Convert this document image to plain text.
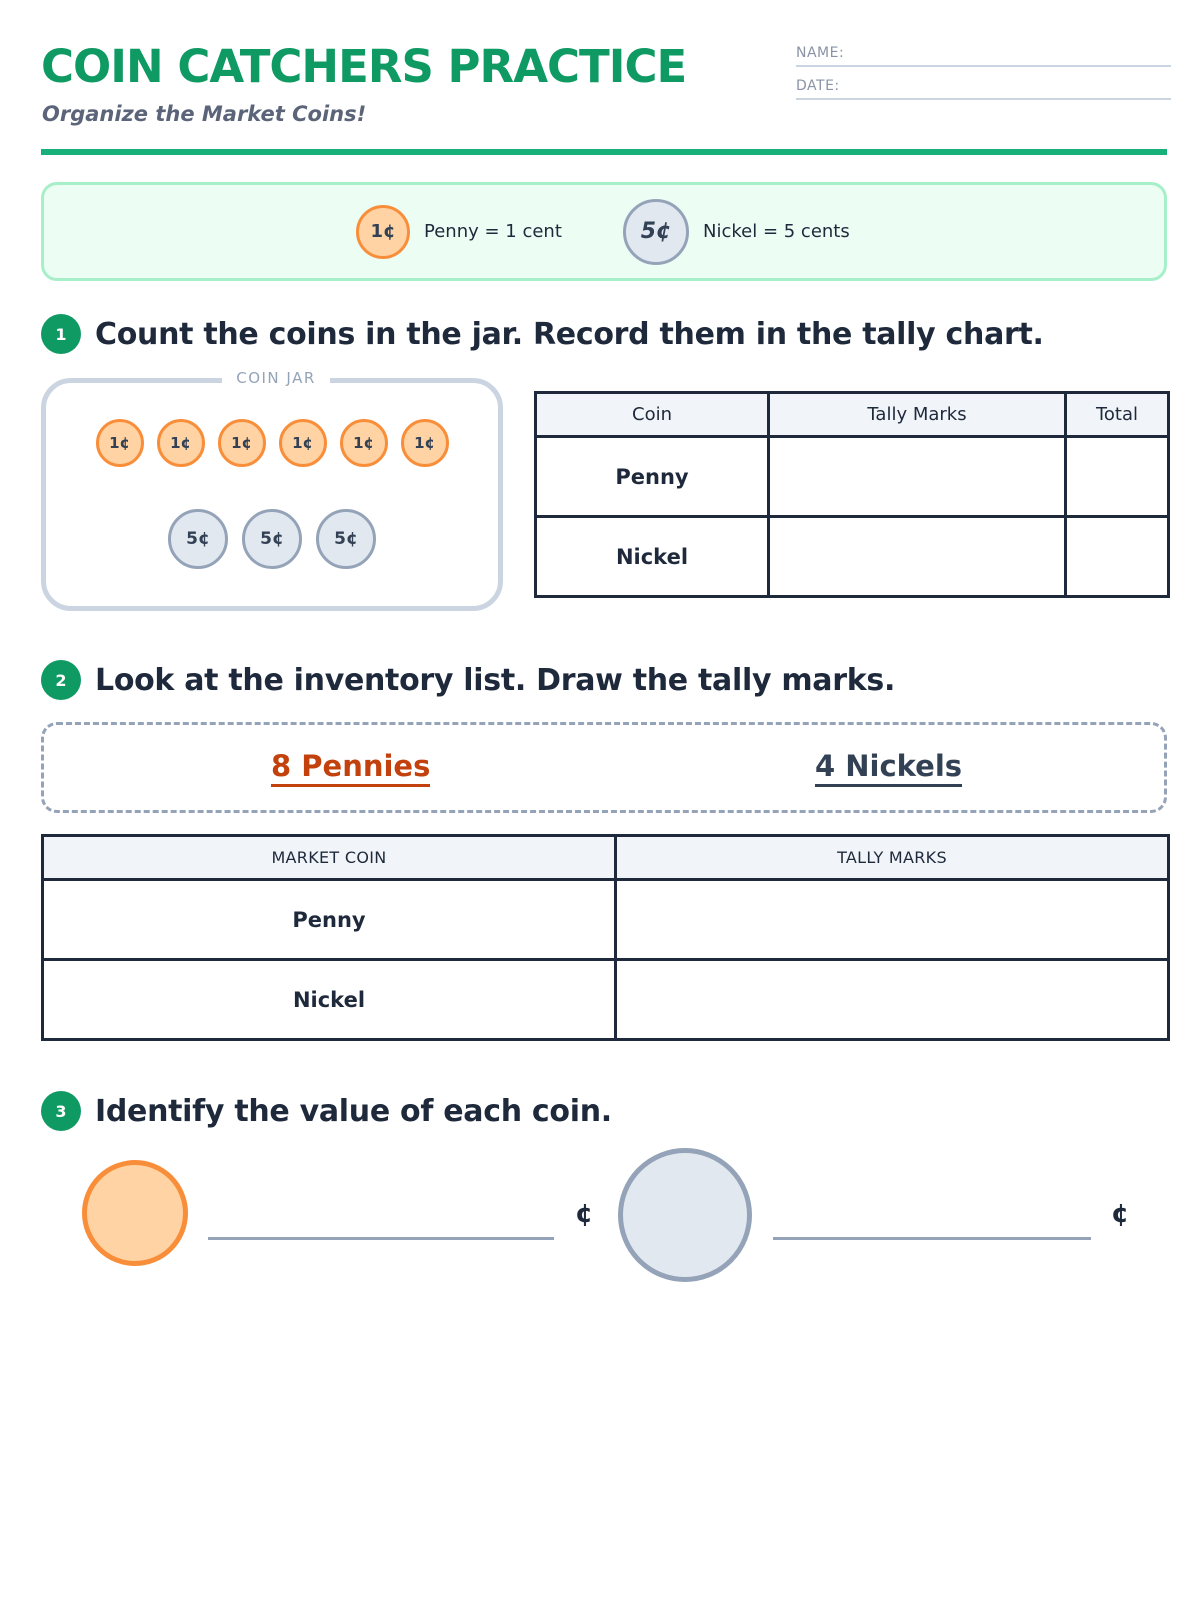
COIN CATCHERS PRACTICE
Organize the Market Coins!
NAME:
DATE:
1¢	Penny = 1 cent	5¢	Nickel = 5 cents
1 Count the coins in the jar. Record them in the tally chart.
COIN JAR
1¢	1¢	1¢	1¢	1¢	1¢
5¢	5¢	5¢
Coin	Tally Marks	Total
Penny		
Nickel		
2 Look at the inventory list. Draw the tally marks.
8 Pennies	4 Nickels
MARKET COIN	TALLY MARKS
Penny	
Nickel	
3 Identify the value of each coin.
¢	¢
